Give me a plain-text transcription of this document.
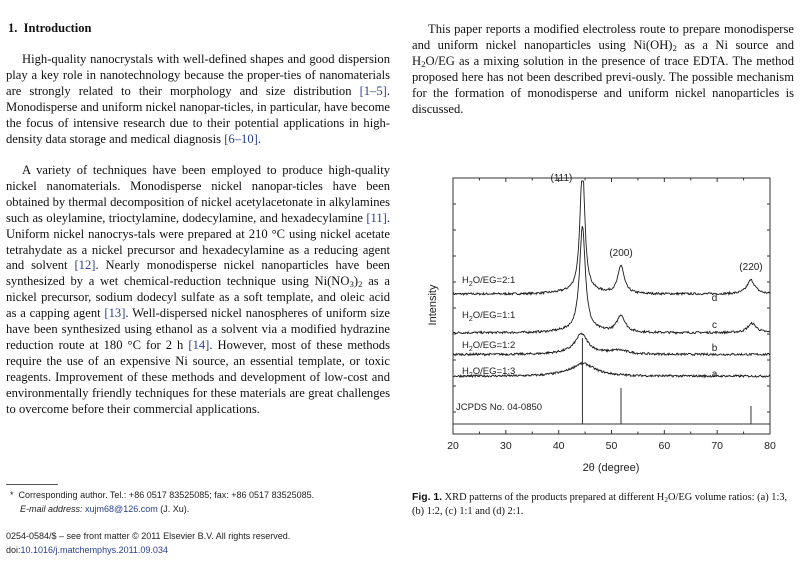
1. Introduction

High-quality nanocrystals with well-defined shapes and good dispersion play a key role in nanotechnology because the proper-ties of nanomaterials are strongly related to their morphology and size distribution [1–5]. Monodisperse and uniform nickel nanopar-ticles, in particular, have become the focus of intensive research due to their potential applications in high-density data storage and medical diagnosis [6–10].

A variety of techniques have been employed to produce high-quality nickel nanomaterials. Monodisperse nickel nanopar-ticles have been obtained by thermal decomposition of nickel acetylacetonate in alkylamines such as oleylamine, trioctylamine, dodecylamine, and hexadecylamine [11]. Uniform nickel nanocrys-tals were prepared at 210 °C using nickel acetate tetrahydate as a nickel precursor and hexadecylamine as a reducing agent and solvent [12]. Nearly monodisperse nickel nanoparticles have been synthesized by a wet chemical-reduction technique using $Ni(NO_3)_2$ as a nickel precursor, sodium dodecyl sulfate as a soft template, and oleic acid as a capping agent [13]. Well-dispersed nickel nanospheres of uniform size have been synthesized using ethanol as a solvent via a modified hydrazine reduction route at 180 °C for 2 h [14]. However, most of these methods require the use of an expensive Ni source, an essential template, or toxic reagents. Improvement of these methods and development of low-cost and environmentally friendly techniques for these materials are great challenges to overcome before their commercial applications.

* Corresponding author. Tel.: +86 0517 83525085; fax: +86 0517 83525085.
E-mail address: xujm68@126.com (J. Xu).
0254-0584/$ – see front matter © 2011 Elsevier B.V. All rights reserved.
doi:10.1016/j.matchemphys.2011.09.034

This paper reports a modified electroless route to prepare monodisperse and uniform nickel nanoparticles using $Ni(OH)_2$ as a Ni source and $H_2O/EG$ as a mixing solution in the presence of trace EDTA. The method proposed here has not been described previ-ously. The possible mechanism for the formation of monodisperse and uniform nickel nanoparticles is discussed.

20	30	40	50	60	70	80
$H_2O/EG=2:1$
d
$H_2O/EG=1:1$
c
$H_2O/EG=1:2$	b
$H_2O/EG=1:3$	a
(111)
(200)
(220)
Intensity
2θ (degree)
JCPDS No. 04-0850
Fig. 1. XRD patterns of the products prepared at different $H_2O/EG$ volume ratios: (a) 1:3, (b) 1:2, (c) 1:1 and (d) 2:1.
